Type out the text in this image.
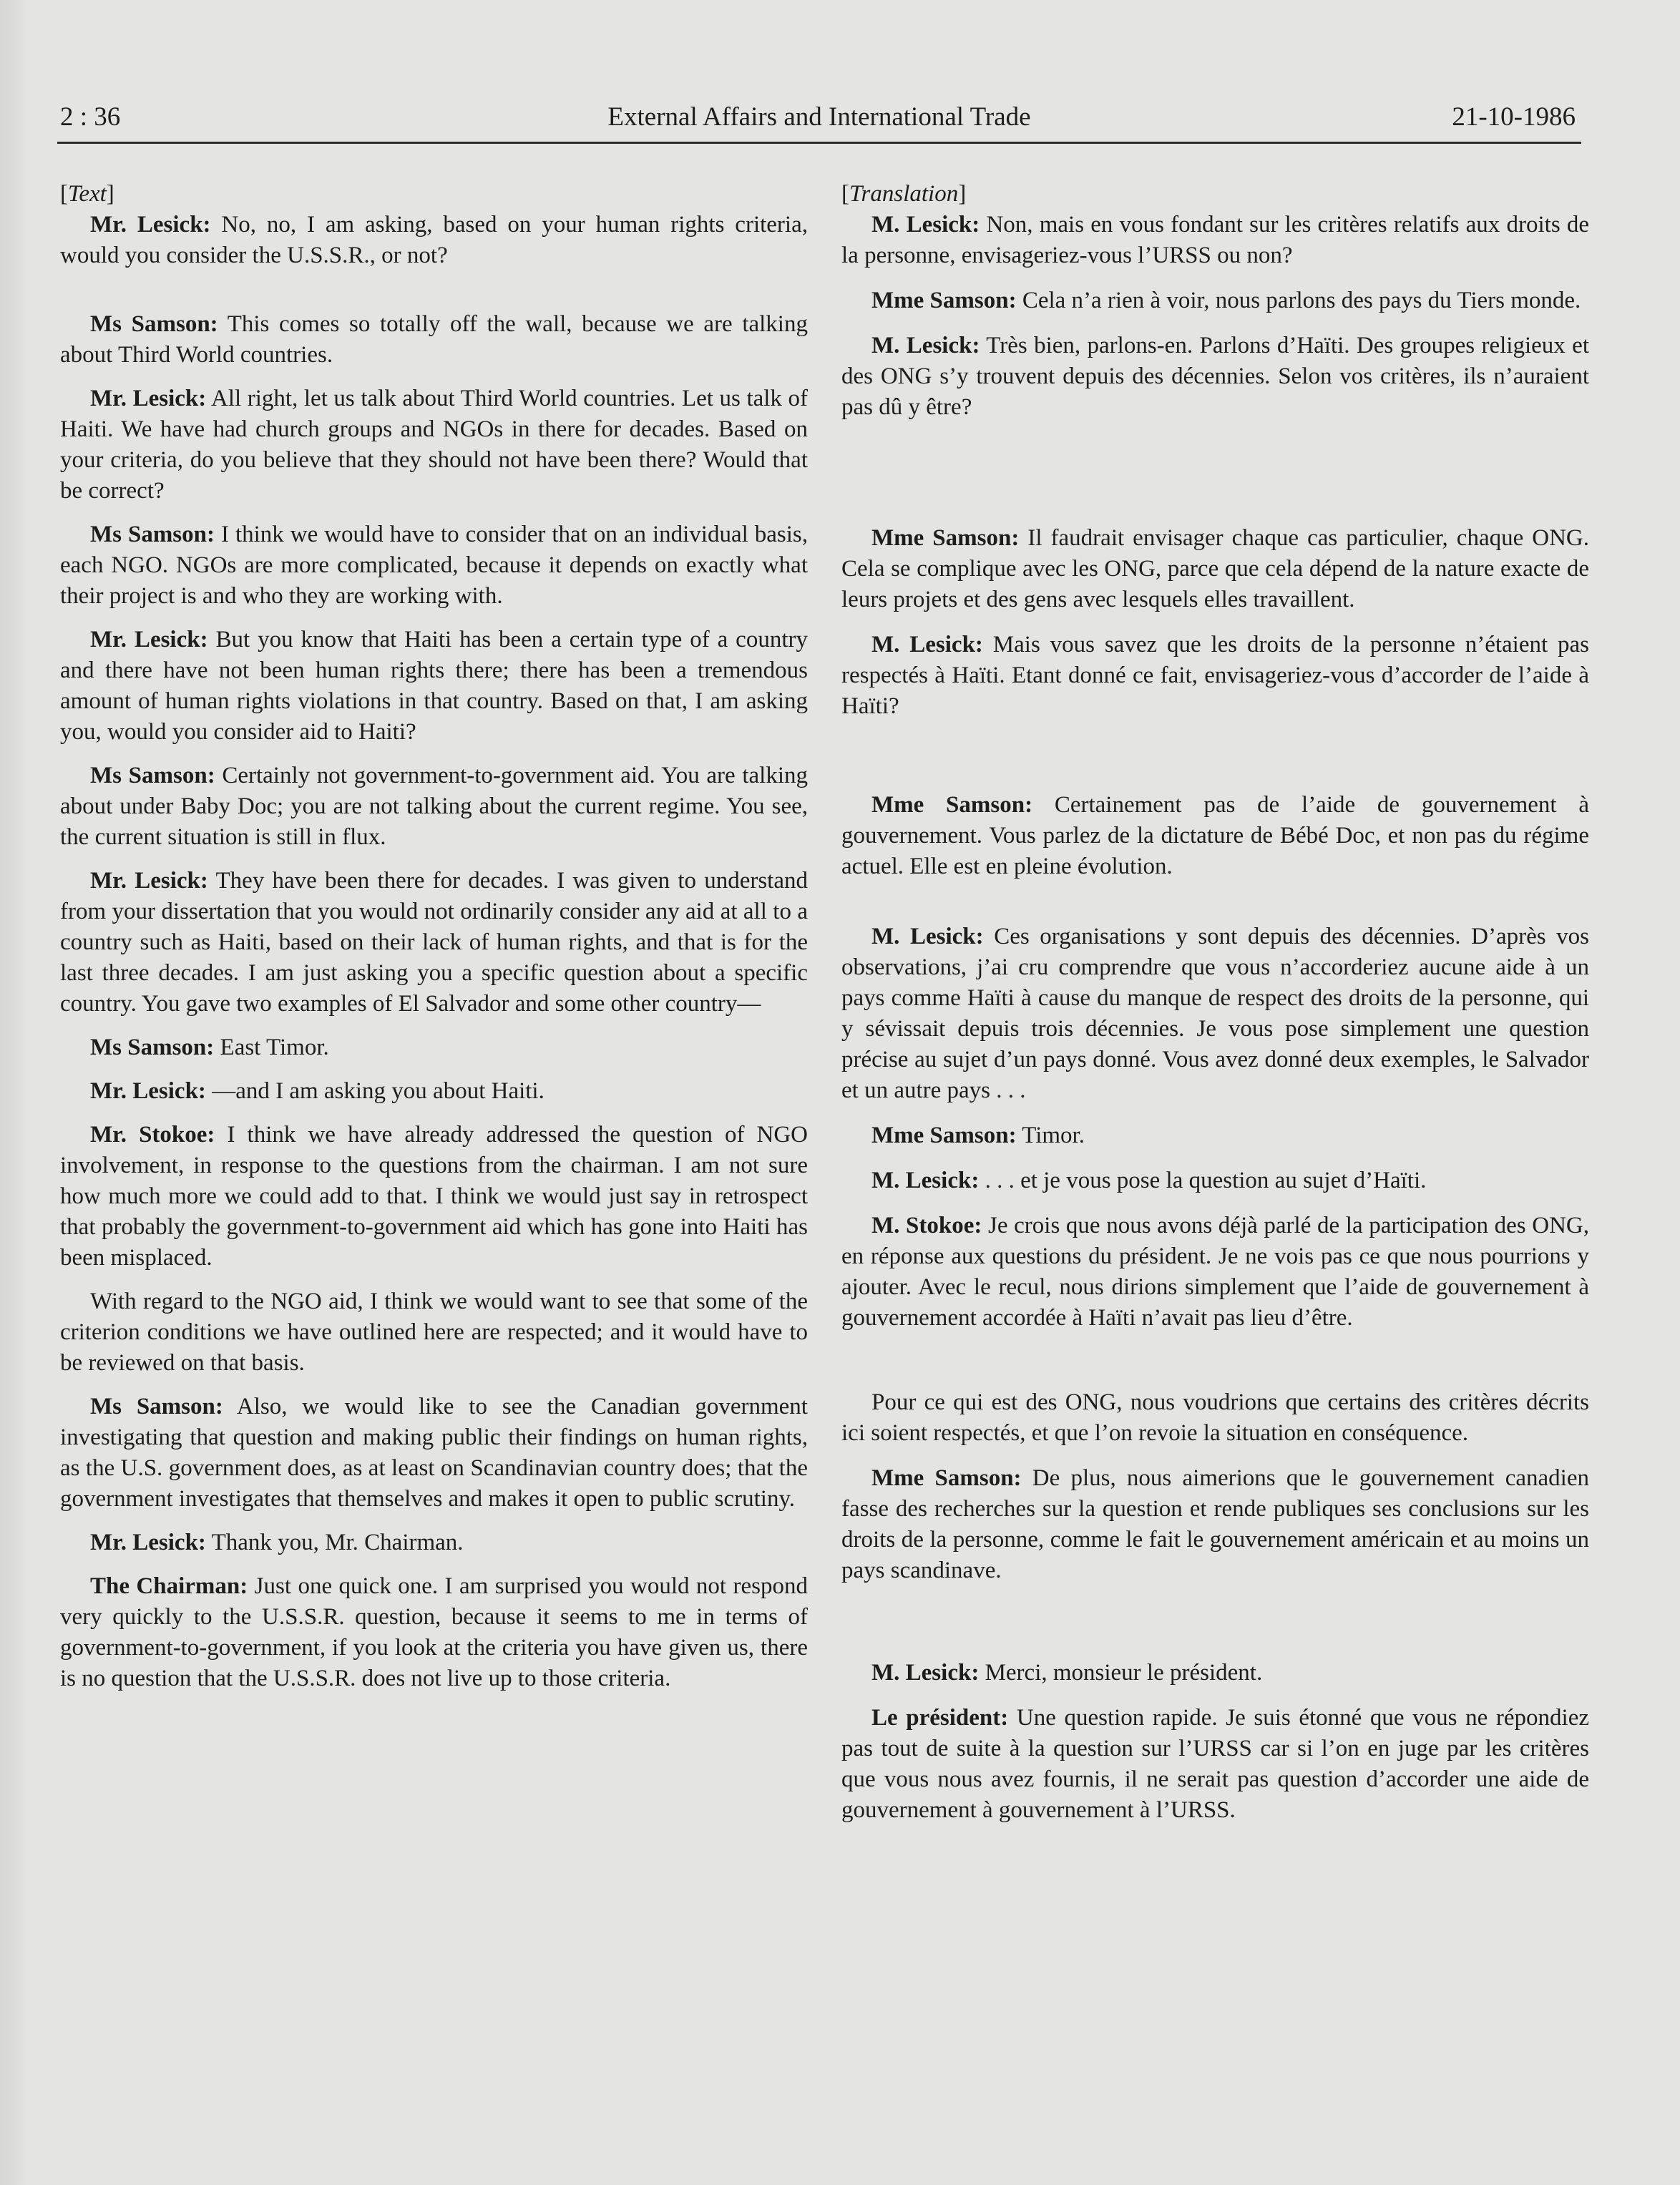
2 : 36	External Affairs and International Trade	21-10-1986

[Text]

Mr. Lesick: No, no, I am asking, based on your human rights criteria, would you consider the U.S.S.R., or not?

Ms Samson: This comes so totally off the wall, because we are talking about Third World countries.

Mr. Lesick: All right, let us talk about Third World countries. Let us talk of Haiti. We have had church groups and NGOs in there for decades. Based on your criteria, do you believe that they should not have been there? Would that be correct?

Ms Samson: I think we would have to consider that on an individual basis, each NGO. NGOs are more complicated, because it depends on exactly what their project is and who they are working with.

Mr. Lesick: But you know that Haiti has been a certain type of a country and there have not been human rights there; there has been a tremendous amount of human rights violations in that country. Based on that, I am asking you, would you consider aid to Haiti?

Ms Samson: Certainly not government-to-government aid. You are talking about under Baby Doc; you are not talking about the current regime. You see, the current situation is still in flux.

Mr. Lesick: They have been there for decades. I was given to understand from your dissertation that you would not ordinarily consider any aid at all to a country such as Haiti, based on their lack of human rights, and that is for the last three decades. I am just asking you a specific question about a specific country. You gave two examples of El Salvador and some other country—

Ms Samson: East Timor.

Mr. Lesick: —and I am asking you about Haiti.

Mr. Stokoe: I think we have already addressed the question of NGO involvement, in response to the questions from the chairman. I am not sure how much more we could add to that. I think we would just say in retrospect that probably the government-to-government aid which has gone into Haiti has been misplaced.

With regard to the NGO aid, I think we would want to see that some of the criterion conditions we have outlined here are respected; and it would have to be reviewed on that basis.

Ms Samson: Also, we would like to see the Canadian government investigating that question and making public their findings on human rights, as the U.S. government does, as at least on Scandinavian country does; that the government investigates that themselves and makes it open to public scrutiny.

Mr. Lesick: Thank you, Mr. Chairman.

The Chairman: Just one quick one. I am surprised you would not respond very quickly to the U.S.S.R. question, because it seems to me in terms of government-to-government, if you look at the criteria you have given us, there is no question that the U.S.S.R. does not live up to those criteria.

[Translation]

M. Lesick: Non, mais en vous fondant sur les critères relatifs aux droits de la personne, envisageriez-vous l’URSS ou non?

Mme Samson: Cela n’a rien à voir, nous parlons des pays du Tiers monde.

M. Lesick: Très bien, parlons-en. Parlons d’Haïti. Des groupes religieux et des ONG s’y trouvent depuis des décennies. Selon vos critères, ils n’auraient pas dû y être?

Mme Samson: Il faudrait envisager chaque cas particulier, chaque ONG. Cela se complique avec les ONG, parce que cela dépend de la nature exacte de leurs projets et des gens avec lesquels elles travaillent.

M. Lesick: Mais vous savez que les droits de la personne n’étaient pas respectés à Haïti. Etant donné ce fait, envisageriez-vous d’accorder de l’aide à Haïti?

Mme Samson: Certainement pas de l’aide de gouvernement à gouvernement. Vous parlez de la dictature de Bébé Doc, et non pas du régime actuel. Elle est en pleine évolution.

M. Lesick: Ces organisations y sont depuis des décennies. D’après vos observations, j’ai cru comprendre que vous n’accorderiez aucune aide à un pays comme Haïti à cause du manque de respect des droits de la personne, qui y sévissait depuis trois décennies. Je vous pose simplement une question précise au sujet d’un pays donné. Vous avez donné deux exemples, le Salvador et un autre pays . . .

Mme Samson: Timor.

M. Lesick: . . . et je vous pose la question au sujet d’Haïti.

M. Stokoe: Je crois que nous avons déjà parlé de la participation des ONG, en réponse aux questions du président. Je ne vois pas ce que nous pourrions y ajouter. Avec le recul, nous dirions simplement que l’aide de gouvernement à gouvernement accordée à Haïti n’avait pas lieu d’être.

Pour ce qui est des ONG, nous voudrions que certains des critères décrits ici soient respectés, et que l’on revoie la situation en conséquence.

Mme Samson: De plus, nous aimerions que le gouvernement canadien fasse des recherches sur la question et rende publiques ses conclusions sur les droits de la personne, comme le fait le gouvernement américain et au moins un pays scandinave.

M. Lesick: Merci, monsieur le président.

Le président: Une question rapide. Je suis étonné que vous ne répondiez pas tout de suite à la question sur l’URSS car si l’on en juge par les critères que vous nous avez fournis, il ne serait pas question d’accorder une aide de gouvernement à gouvernement à l’URSS.
